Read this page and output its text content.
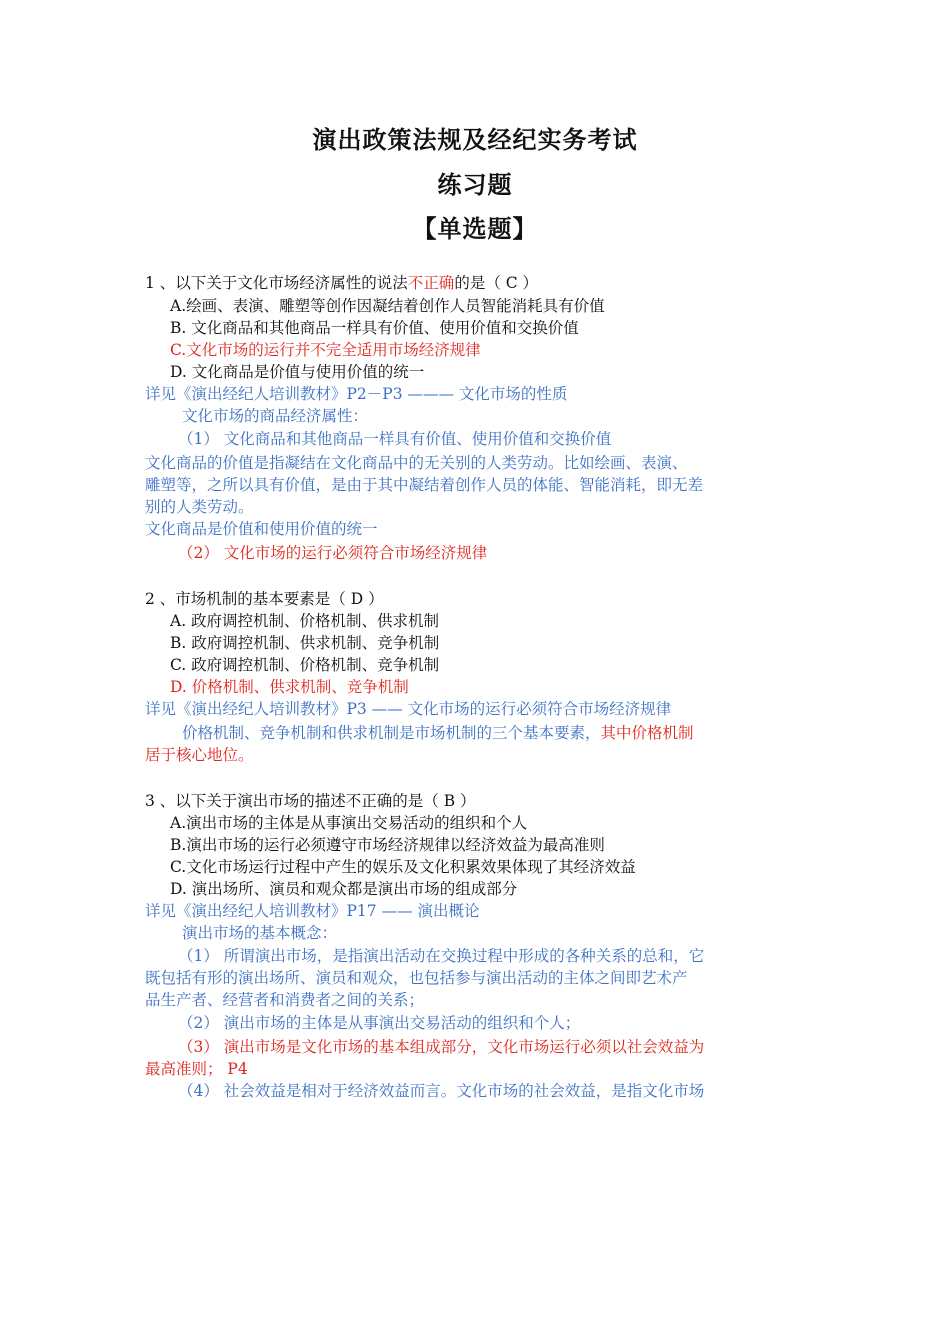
演出政策法规及经纪实务考试
练习题
【单选题】
1 、以下关于文化市场经济属性的说法不正确的是（ C ）
A.绘画、表演、雕塑等创作因凝结着创作人员智能消耗具有价值
B. 文化商品和其他商品一样具有价值、使用价值和交换价值
C.文化市场的运行并不完全适用市场经济规律
D. 文化商品是价值与使用价值的统一
详见《演出经纪人培训教材》P2－P3 ——— 文化市场的性质
文化市场的商品经济属性：
（1） 文化商品和其他商品一样具有价值、使用价值和交换价值
文化商品的价值是指凝结在文化商品中的无关别的人类劳动。比如绘画、表演、
雕塑等，之所以具有价值，是由于其中凝结着创作人员的体能、智能消耗，即无差
别的人类劳动。
文化商品是价值和使用价值的统一
（2） 文化市场的运行必须符合市场经济规律
2 、市场机制的基本要素是（ D ）
A. 政府调控机制、价格机制、供求机制
B. 政府调控机制、供求机制、竞争机制
C. 政府调控机制、价格机制、竞争机制
D. 价格机制、供求机制、竞争机制
详见《演出经纪人培训教材》P3 —— 文化市场的运行必须符合市场经济规律
价格机制、竞争机制和供求机制是市场机制的三个基本要素，其中价格机制
居于核心地位。
3 、以下关于演出市场的描述不正确的是（ B ）
A.演出市场的主体是从事演出交易活动的组织和个人
B.演出市场的运行必须遵守市场经济规律以经济效益为最高准则
C.文化市场运行过程中产生的娱乐及文化积累效果体现了其经济效益
D. 演出场所、演员和观众都是演出市场的组成部分
详见《演出经纪人培训教材》P17 —— 演出概论
演出市场的基本概念：
（1） 所谓演出市场，是指演出活动在交换过程中形成的各种关系的总和，它
既包括有形的演出场所、演员和观众，也包括参与演出活动的主体之间即艺术产
品生产者、经营者和消费者之间的关系；
（2） 演出市场的主体是从事演出交易活动的组织和个人；
（3） 演出市场是文化市场的基本组成部分，文化市场运行必须以社会效益为
最高准则； P4
（4） 社会效益是相对于经济效益而言。文化市场的社会效益，是指文化市场
